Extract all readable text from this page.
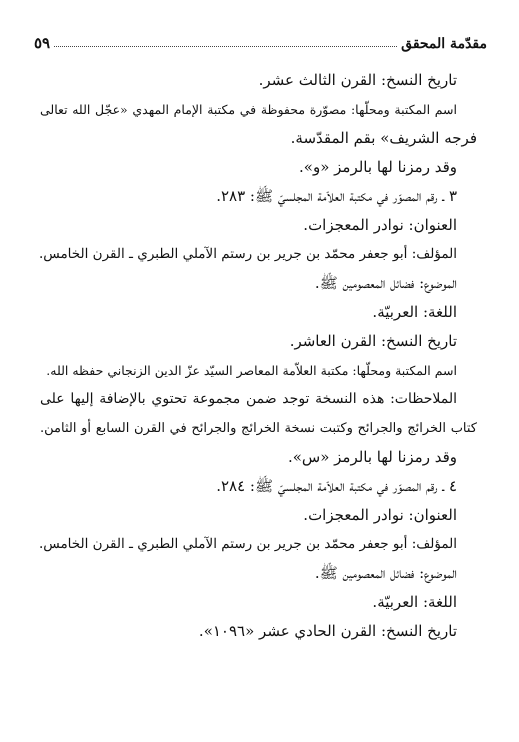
مقدّمة المحقق
٥٩
تاريخ النسخ: القرن الثالث عشر.
اسم المكتبة ومحلّها: مصوّرة محفوظة في مكتبة الإمام المهدي «عجّل الله تعالى
فرجه الشريف» بقم المقدّسة.
وقد رمزنا لها بالرمز «و».
٣ ـ رقم المصوّر في مكتبة العلاّمة المجلسيّ ﷺ: ٢٨٣.
العنوان: نوادر المعجزات.
المؤلف: أبو جعفر محمّد بن جرير بن رستم الآملي الطبري ـ القرن الخامس.
الموضوع: فضائل المعصومين ﷺ.
اللغة: العربيّة.
تاريخ النسخ: القرن العاشر.
اسم المكتبة ومحلّها: مكتبة العلاّمة المعاصر السيّد عزّ الدين الزنجاني حفظه الله.
الملاحظات: هذه النسخة توجد ضمن مجموعة تحتوي بالإضافة إليها على
كتاب الخرائج والجرائح وكتبت نسخة الخرائج والجرائح في القرن السابع أو الثامن.
وقد رمزنا لها بالرمز «س».
٤ ـ رقم المصوّر في مكتبة العلاّمة المجلسيّ ﷺ: ٢٨٤.
العنوان: نوادر المعجزات.
المؤلف: أبو جعفر محمّد بن جرير بن رستم الآملي الطبري ـ القرن الخامس.
الموضوع: فضائل المعصومين ﷺ.
اللغة: العربيّة.
تاريخ النسخ: القرن الحادي عشر «١٠٩٦».
